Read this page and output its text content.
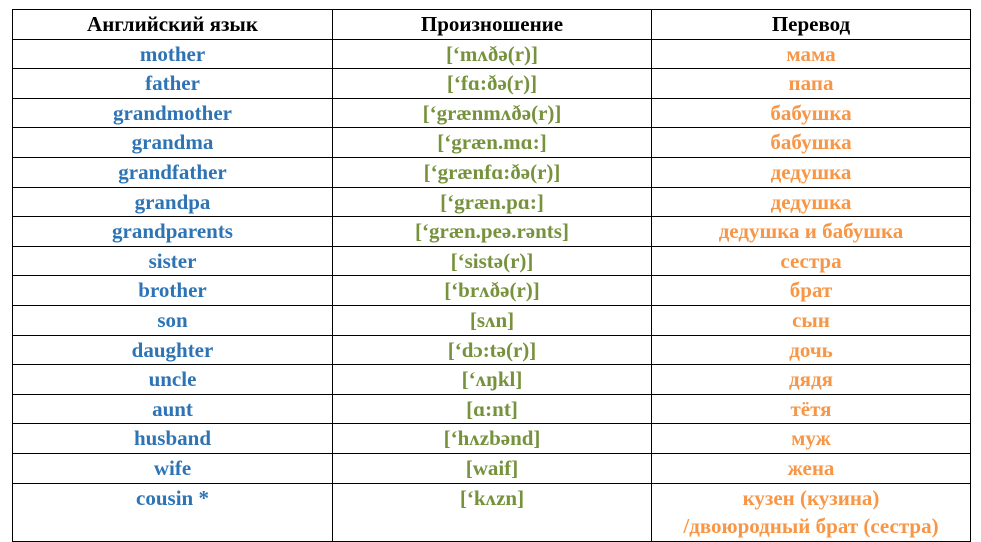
Английский язык	Произношение	Перевод
mother	[‘mʌðə(r)]	мама
father	[‘fɑ:ðə(r)]	папа
grandmother	[‘grænmʌðə(r)]	бабушка
grandma	[‘græn.mɑ:]	бабушка
grandfather	[‘grænfɑ:ðə(r)]	дедушка
grandpa	[‘græn.pɑ:]	дедушка
grandparents	[‘græn.peə.rənts]	дедушка и бабушка
sister	[‘sistə(r)]	сестра
brother	[‘brʌðə(r)]	брат
son	[sʌn]	сын
daughter	[‘dɔ:tə(r)]	дочь
uncle	[‘ʌŋkl]	дядя
aunt	[ɑ:nt]	тётя
husband	[‘hʌzbənd]	муж
wife	[waif]	жена
cousin *	[‘kʌzn]	кузен (кузина)
/двоюродный брат (сестра)
